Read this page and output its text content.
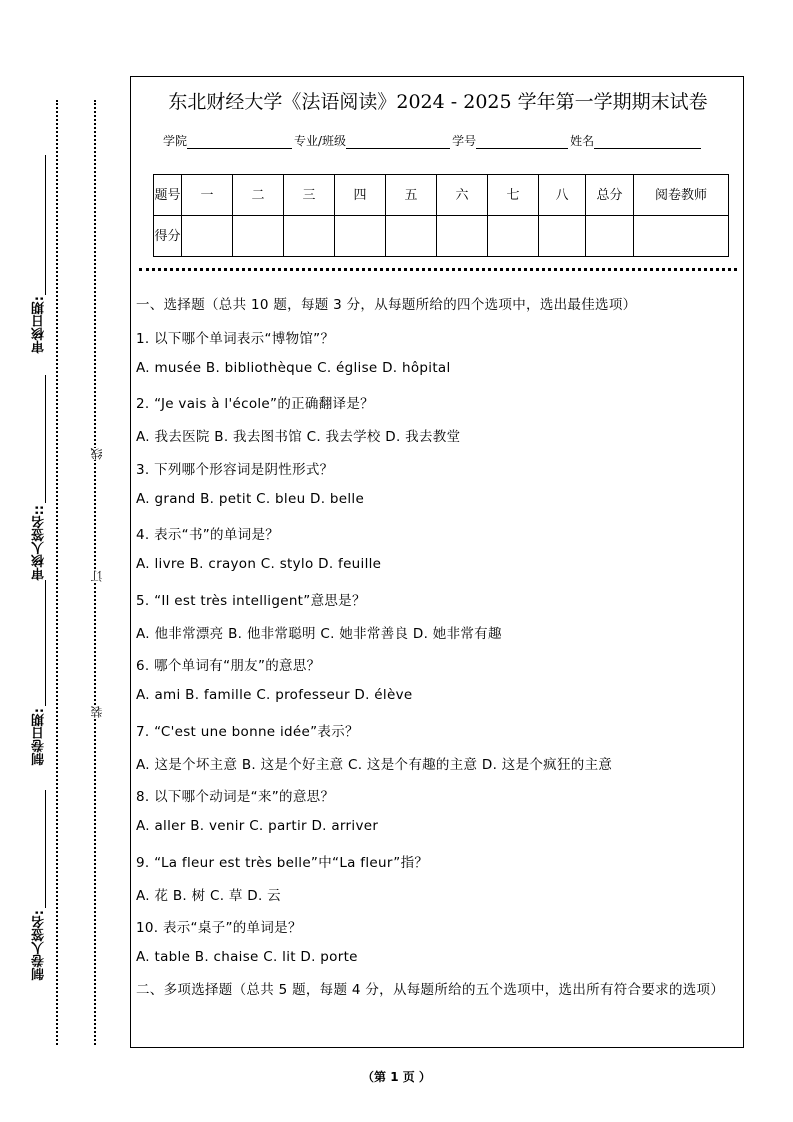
审核日期:
审核人签名::
制卷日期:
制卷人签名:
线
订
装
东北财经大学《法语阅读》2024 - 2025 学年第一学期期末试卷
学院	专业/班级	学号	姓名
题号	一	二	三	四	五	六	七	八	总分	阅卷教师
得分										
一、选择题（总共 10 题，每题 3 分，从每题所给的四个选项中，选出最佳选项）
1. 以下哪个单词表示“博物馆”？
A. musée B. bibliothèque C. église D. hôpital
2. “Je vais à l'école”的正确翻译是？
A. 我去医院 B. 我去图书馆 C. 我去学校 D. 我去教堂
3. 下列哪个形容词是阴性形式？
A. grand B. petit C. bleu D. belle
4. 表示“书”的单词是？
A. livre B. crayon C. stylo D. feuille
5. “Il est très intelligent”意思是？
A. 他非常漂亮 B. 他非常聪明 C. 她非常善良 D. 她非常有趣
6. 哪个单词有“朋友”的意思？
A. ami B. famille C. professeur D. élève
7. “C'est une bonne idée”表示？
A. 这是个坏主意 B. 这是个好主意 C. 这是个有趣的主意 D. 这是个疯狂的主意
8. 以下哪个动词是“来”的意思？
A. aller B. venir C. partir D. arriver
9. “La fleur est très belle”中“La fleur”指？
A. 花 B. 树 C. 草 D. 云
10. 表示“桌子”的单词是？
A. table B. chaise C. lit D. porte
二、多项选择题（总共 5 题，每题 4 分，从每题所给的五个选项中，选出所有符合要求的选项）
（第 1 页 ）
